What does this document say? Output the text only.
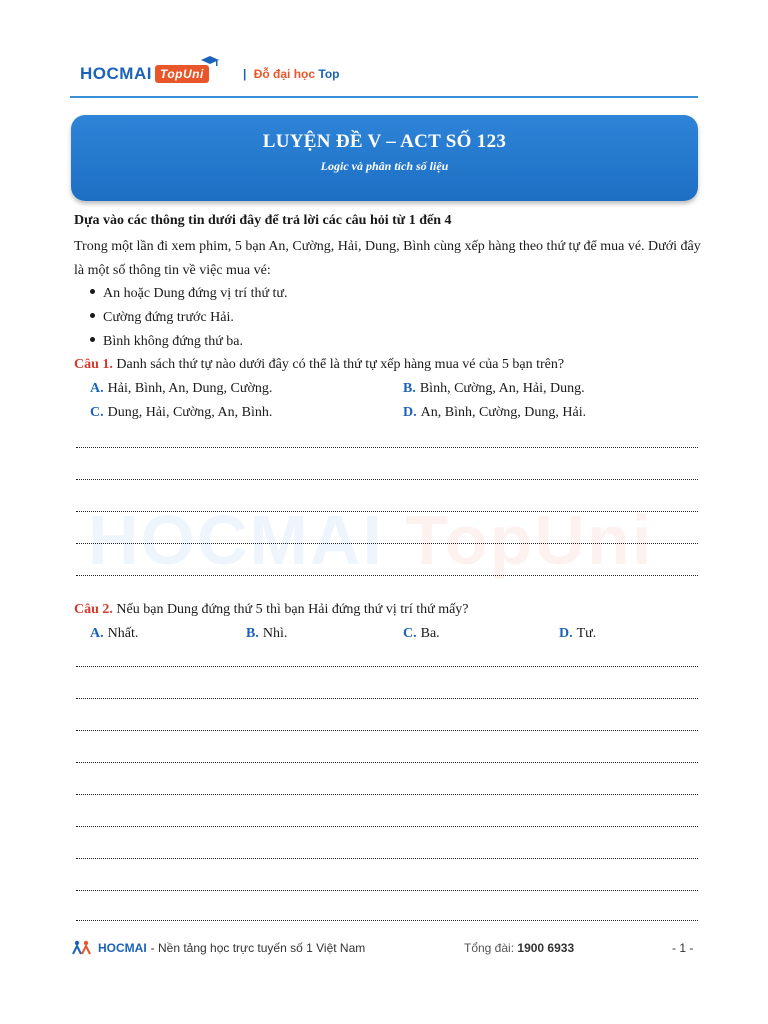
HOCMAI TopUni	| Đỗ đại học Top
LUYỆN ĐỀ V – ACT SỐ 123
Logic và phân tích số liệu
HOCMAI TopUni
Dựa vào các thông tin dưới đây để trả lời các câu hỏi từ 1 đến 4
Trong một lần đi xem phim, 5 bạn An, Cường, Hải, Dung, Bình cùng xếp hàng theo thứ tự để mua vé. Dưới đây là một số thông tin về việc mua vé:
An hoặc Dung đứng vị trí thứ tư.
Cường đứng trước Hải.
Bình không đứng thứ ba.
Câu 1. Danh sách thứ tự nào dưới đây có thể là thứ tự xếp hàng mua vé của 5 bạn trên?
A. Hải, Bình, An, Dung, Cường.	B. Bình, Cường, An, Hải, Dung.
C. Dung, Hải, Cường, An, Bình.	D. An, Bình, Cường, Dung, Hải.
Câu 2. Nếu bạn Dung đứng thứ 5 thì bạn Hải đứng thứ vị trí thứ mấy?
A. Nhất.	B. Nhì.	C. Ba.	D. Tư.
HOCMAI - Nền tảng học trực tuyến số 1 Việt Nam	Tổng đài: 1900 6933	- 1 -
